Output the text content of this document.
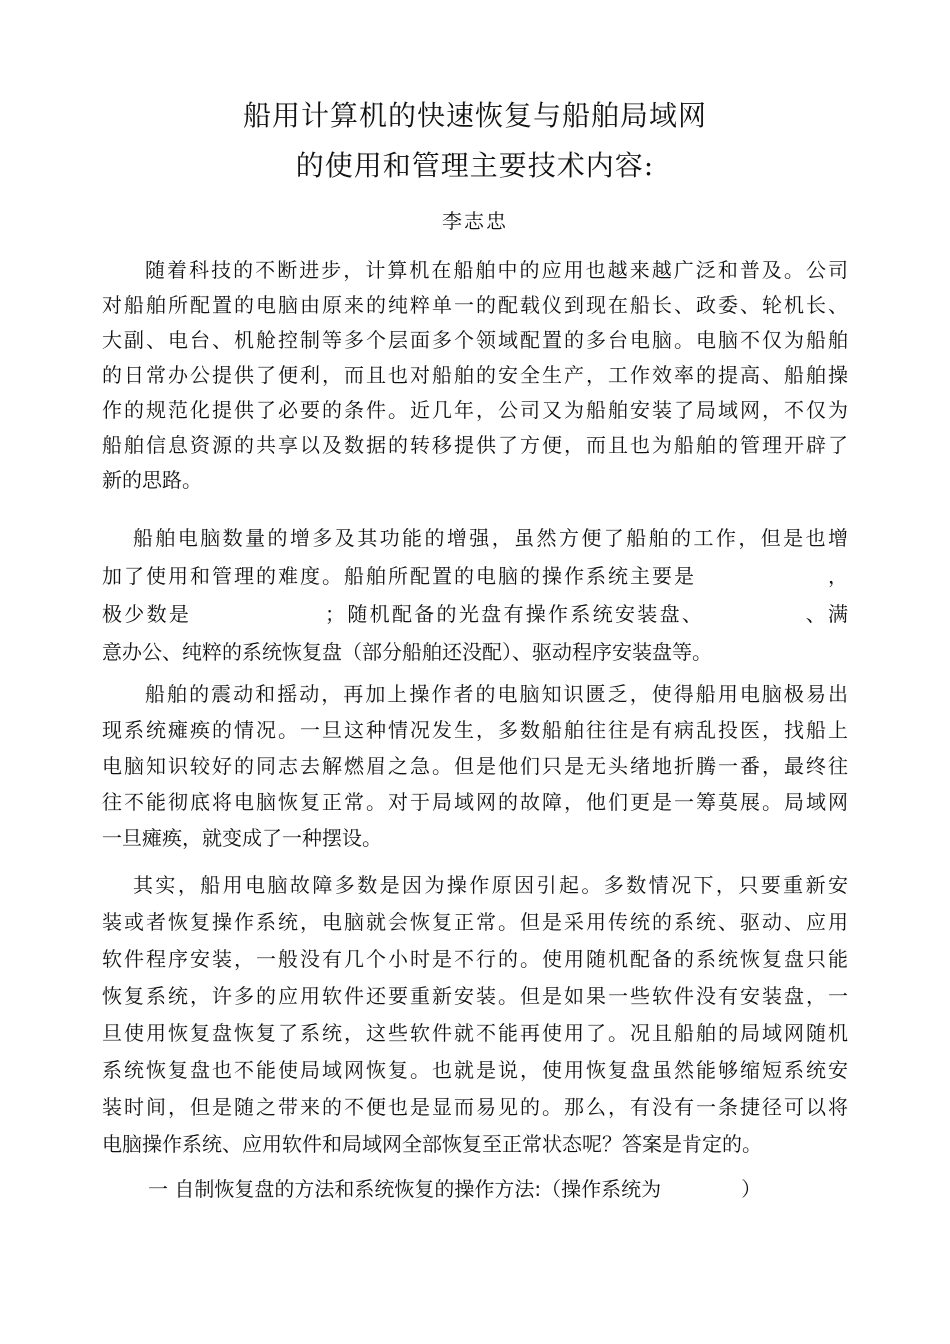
船用计算机的快速恢复与船舶局域网
的使用和管理主要技术内容:
李志忠
随着科技的不断进步，计算机在船舶中的应用也越来越广泛和普及。公司
对船舶所配置的电脑由原来的纯粹单一的配载仪到现在船长、政委、轮机长、
大副、电台、机舱控制等多个层面多个领域配置的多台电脑。电脑不仅为船舶
的日常办公提供了便利，而且也对船舶的安全生产，工作效率的提高、船舶操
作的规范化提供了必要的条件。近几年，公司又为船舶安装了局域网，不仅为
船舶信息资源的共享以及数据的转移提供了方便，而且也为船舶的管理开辟了
新的思路。
船舶电脑数量的增多及其功能的增强，虽然方便了船舶的工作，但是也增
加了使用和管理的难度。船舶所配置的电脑的操作系统主要是　　　　　　，
极少数是　　　　　　；随机配备的光盘有操作系统安装盘、　　　　　、满
意办公、纯粹的系统恢复盘（部分船舶还没配）、驱动程序安装盘等。
船舶的震动和摇动，再加上操作者的电脑知识匮乏，使得船用电脑极易出
现系统瘫痪的情况。一旦这种情况发生，多数船舶往往是有病乱投医，找船上
电脑知识较好的同志去解燃眉之急。但是他们只是无头绪地折腾一番，最终往
往不能彻底将电脑恢复正常。对于局域网的故障，他们更是一筹莫展。局域网
一旦瘫痪，就变成了一种摆设。
其实，船用电脑故障多数是因为操作原因引起。多数情况下，只要重新安
装或者恢复操作系统，电脑就会恢复正常。但是采用传统的系统、驱动、应用
软件程序安装，一般没有几个小时是不行的。使用随机配备的系统恢复盘只能
恢复系统，许多的应用软件还要重新安装。但是如果一些软件没有安装盘，一
旦使用恢复盘恢复了系统，这些软件就不能再使用了。况且船舶的局域网随机
系统恢复盘也不能使局域网恢复。也就是说，使用恢复盘虽然能够缩短系统安
装时间，但是随之带来的不便也是显而易见的。那么，有没有一条捷径可以将
电脑操作系统、应用软件和局域网全部恢复至正常状态呢？答案是肯定的。
一 自制恢复盘的方法和系统恢复的操作方法:（操作系统为　　　　）
